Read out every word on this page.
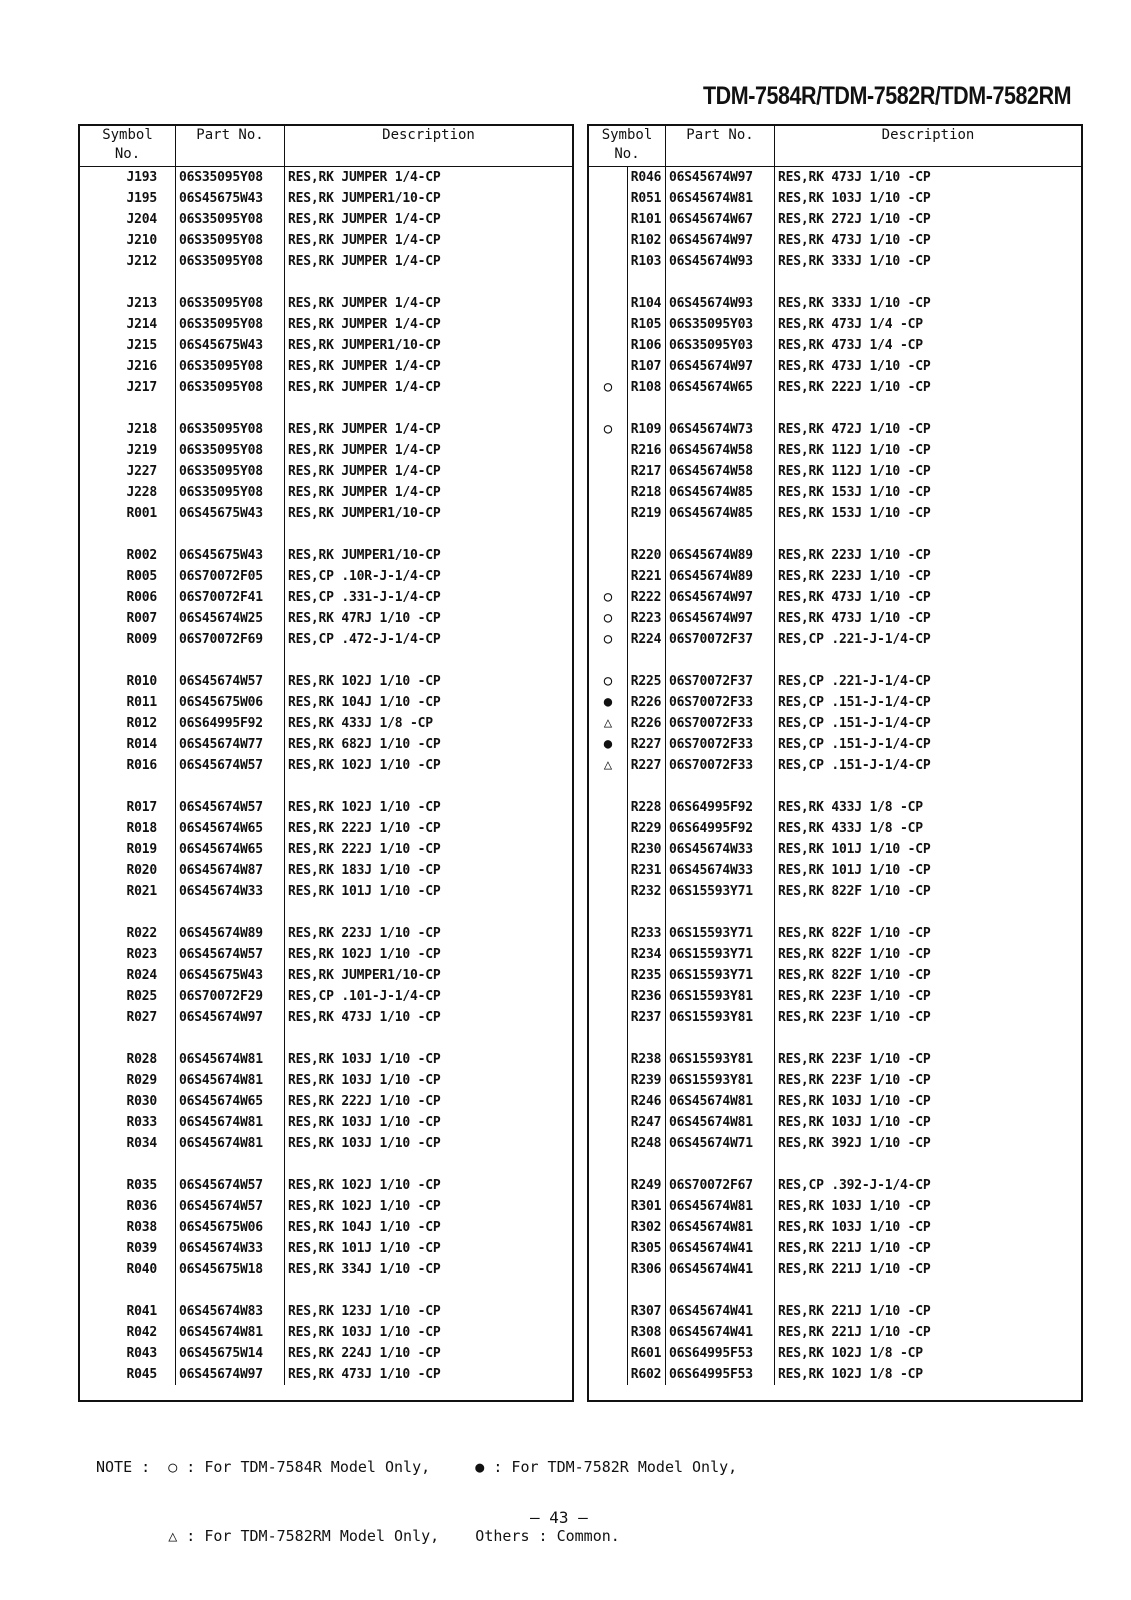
TDM-7584R/TDM-7582R/TDM-7582RM
Symbol
No.	Part No.	Description
J193	06S35095Y08	RES,RK JUMPER 1/4-CP
J195	06S45675W43	RES,RK JUMPER1/10-CP
J204	06S35095Y08	RES,RK JUMPER 1/4-CP
J210	06S35095Y08	RES,RK JUMPER 1/4-CP
J212	06S35095Y08	RES,RK JUMPER 1/4-CP

J213	06S35095Y08	RES,RK JUMPER 1/4-CP
J214	06S35095Y08	RES,RK JUMPER 1/4-CP
J215	06S45675W43	RES,RK JUMPER1/10-CP
J216	06S35095Y08	RES,RK JUMPER 1/4-CP
J217	06S35095Y08	RES,RK JUMPER 1/4-CP

J218	06S35095Y08	RES,RK JUMPER 1/4-CP
J219	06S35095Y08	RES,RK JUMPER 1/4-CP
J227	06S35095Y08	RES,RK JUMPER 1/4-CP
J228	06S35095Y08	RES,RK JUMPER 1/4-CP
R001	06S45675W43	RES,RK JUMPER1/10-CP

R002	06S45675W43	RES,RK JUMPER1/10-CP
R005	06S70072F05	RES,CP .10R-J-1/4-CP
R006	06S70072F41	RES,CP .331-J-1/4-CP
R007	06S45674W25	RES,RK 47RJ 1/10 -CP
R009	06S70072F69	RES,CP .472-J-1/4-CP

R010	06S45674W57	RES,RK 102J 1/10 -CP
R011	06S45675W06	RES,RK 104J 1/10 -CP
R012	06S64995F92	RES,RK 433J 1/8 -CP
R014	06S45674W77	RES,RK 682J 1/10 -CP
R016	06S45674W57	RES,RK 102J 1/10 -CP

R017	06S45674W57	RES,RK 102J 1/10 -CP
R018	06S45674W65	RES,RK 222J 1/10 -CP
R019	06S45674W65	RES,RK 222J 1/10 -CP
R020	06S45674W87	RES,RK 183J 1/10 -CP
R021	06S45674W33	RES,RK 101J 1/10 -CP

R022	06S45674W89	RES,RK 223J 1/10 -CP
R023	06S45674W57	RES,RK 102J 1/10 -CP
R024	06S45675W43	RES,RK JUMPER1/10-CP
R025	06S70072F29	RES,CP .101-J-1/4-CP
R027	06S45674W97	RES,RK 473J 1/10 -CP

R028	06S45674W81	RES,RK 103J 1/10 -CP
R029	06S45674W81	RES,RK 103J 1/10 -CP
R030	06S45674W65	RES,RK 222J 1/10 -CP
R033	06S45674W81	RES,RK 103J 1/10 -CP
R034	06S45674W81	RES,RK 103J 1/10 -CP

R035	06S45674W57	RES,RK 102J 1/10 -CP
R036	06S45674W57	RES,RK 102J 1/10 -CP
R038	06S45675W06	RES,RK 104J 1/10 -CP
R039	06S45674W33	RES,RK 101J 1/10 -CP
R040	06S45675W18	RES,RK 334J 1/10 -CP

R041	06S45674W83	RES,RK 123J 1/10 -CP
R042	06S45674W81	RES,RK 103J 1/10 -CP
R043	06S45675W14	RES,RK 224J 1/10 -CP
R045	06S45674W97	RES,RK 473J 1/10 -CP
Symbol
No.		Part No.	Description
	R046	06S45674W97	RES,RK 473J 1/10 -CP
	R051	06S45674W81	RES,RK 103J 1/10 -CP
	R101	06S45674W67	RES,RK 272J 1/10 -CP
	R102	06S45674W97	RES,RK 473J 1/10 -CP
	R103	06S45674W93	RES,RK 333J 1/10 -CP

	R104	06S45674W93	RES,RK 333J 1/10 -CP
	R105	06S35095Y03	RES,RK 473J 1/4 -CP
	R106	06S35095Y03	RES,RK 473J 1/4 -CP
	R107	06S45674W97	RES,RK 473J 1/10 -CP
○	R108	06S45674W65	RES,RK 222J 1/10 -CP

○	R109	06S45674W73	RES,RK 472J 1/10 -CP
	R216	06S45674W58	RES,RK 112J 1/10 -CP
	R217	06S45674W58	RES,RK 112J 1/10 -CP
	R218	06S45674W85	RES,RK 153J 1/10 -CP
	R219	06S45674W85	RES,RK 153J 1/10 -CP

	R220	06S45674W89	RES,RK 223J 1/10 -CP
	R221	06S45674W89	RES,RK 223J 1/10 -CP
○	R222	06S45674W97	RES,RK 473J 1/10 -CP
○	R223	06S45674W97	RES,RK 473J 1/10 -CP
○	R224	06S70072F37	RES,CP .221-J-1/4-CP

○	R225	06S70072F37	RES,CP .221-J-1/4-CP
●	R226	06S70072F33	RES,CP .151-J-1/4-CP
△	R226	06S70072F33	RES,CP .151-J-1/4-CP
●	R227	06S70072F33	RES,CP .151-J-1/4-CP
△	R227	06S70072F33	RES,CP .151-J-1/4-CP

	R228	06S64995F92	RES,RK 433J 1/8 -CP
	R229	06S64995F92	RES,RK 433J 1/8 -CP
	R230	06S45674W33	RES,RK 101J 1/10 -CP
	R231	06S45674W33	RES,RK 101J 1/10 -CP
	R232	06S15593Y71	RES,RK 822F 1/10 -CP

	R233	06S15593Y71	RES,RK 822F 1/10 -CP
	R234	06S15593Y71	RES,RK 822F 1/10 -CP
	R235	06S15593Y71	RES,RK 822F 1/10 -CP
	R236	06S15593Y81	RES,RK 223F 1/10 -CP
	R237	06S15593Y81	RES,RK 223F 1/10 -CP

	R238	06S15593Y81	RES,RK 223F 1/10 -CP
	R239	06S15593Y81	RES,RK 223F 1/10 -CP
	R246	06S45674W81	RES,RK 103J 1/10 -CP
	R247	06S45674W81	RES,RK 103J 1/10 -CP
	R248	06S45674W71	RES,RK 392J 1/10 -CP

	R249	06S70072F67	RES,CP .392-J-1/4-CP
	R301	06S45674W81	RES,RK 103J 1/10 -CP
	R302	06S45674W81	RES,RK 103J 1/10 -CP
	R305	06S45674W41	RES,RK 221J 1/10 -CP
	R306	06S45674W41	RES,RK 221J 1/10 -CP

	R307	06S45674W41	RES,RK 221J 1/10 -CP
	R308	06S45674W41	RES,RK 221J 1/10 -CP
	R601	06S64995F53	RES,RK 102J 1/8 -CP
	R602	06S64995F53	RES,RK 102J 1/8 -CP

NOTE :  ○ : For TDM-7584R Model Only,     ● : For TDM-7582R Model Only,

△ : For TDM-7582RM Model Only,    Others : Common.

— 43 —
